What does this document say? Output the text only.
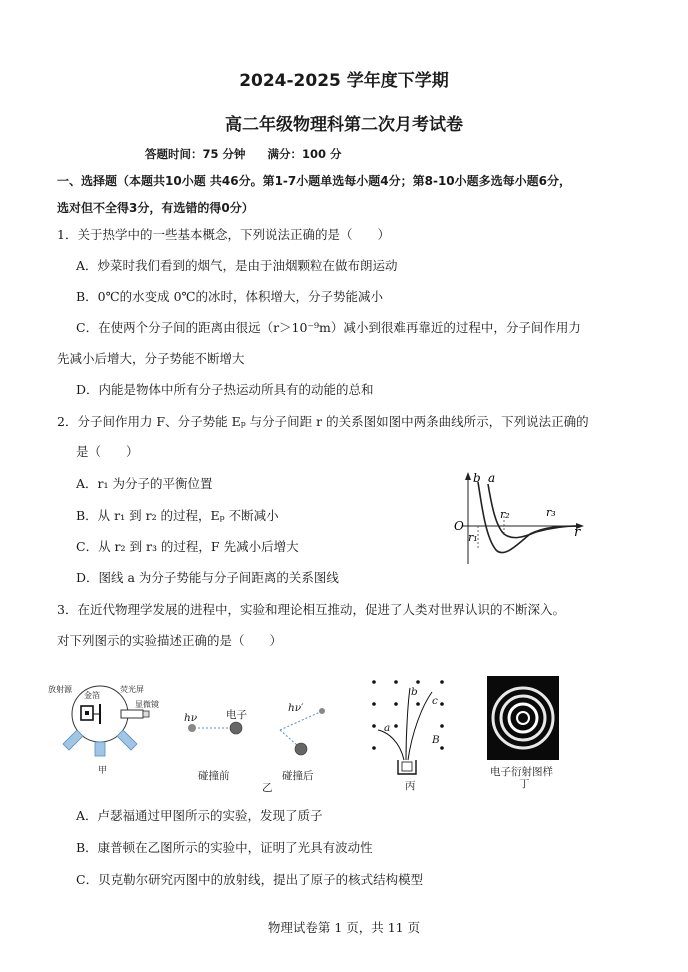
2024-2025 学年度下学期
高二年级物理科第二次月考试卷
答题时间：75 分钟 满分：100 分
一、选择题（本题共10小题 共46分。第1-7小题单选每小题4分；第8-10小题多选每小题6分，
选对但不全得3分，有选错的得0分）
1．关于热学中的一些基本概念，下列说法正确的是（　　）
A．炒菜时我们看到的烟气，是由于油烟颗粒在做布朗运动
B．0℃的水变成 0℃的冰时，体积增大，分子势能减小
C．在使两个分子间的距离由很远（r＞10⁻⁹m）减小到很难再靠近的过程中，分子间作用力
先减小后增大，分子势能不断增大
D．内能是物体中所有分子热运动所具有的动能的总和
2．分子间作用力 F、分子势能 Eₚ 与分子间距 r 的关系图如图中两条曲线所示，下列说法正确的
是（　　）
A．r₁ 为分子的平衡位置
B．从 r₁ 到 r₂ 的过程，Eₚ 不断减小
C．从 r₂ 到 r₃ 的过程，F 先减小后增大
D．图线 a 为分子势能与分子间距离的关系图线
b a
O	r
r₁
r₂	r₃
3．在近代物理学发展的进程中，实验和理论相互推动，促进了人类对世界认识的不断深入。
对下列图示的实验描述正确的是（　　）
放射源
金箔
荧光屏
显微镜
甲
hν	电子
hν′
碰撞前	碰撞后
乙
a
b
c
B
丙
电子衍射图样
丁
A．卢瑟福通过甲图所示的实验，发现了质子
B．康普顿在乙图所示的实验中，证明了光具有波动性
C．贝克勒尔研究丙图中的放射线，提出了原子的核式结构模型
物理试卷第 1 页，共 11 页
